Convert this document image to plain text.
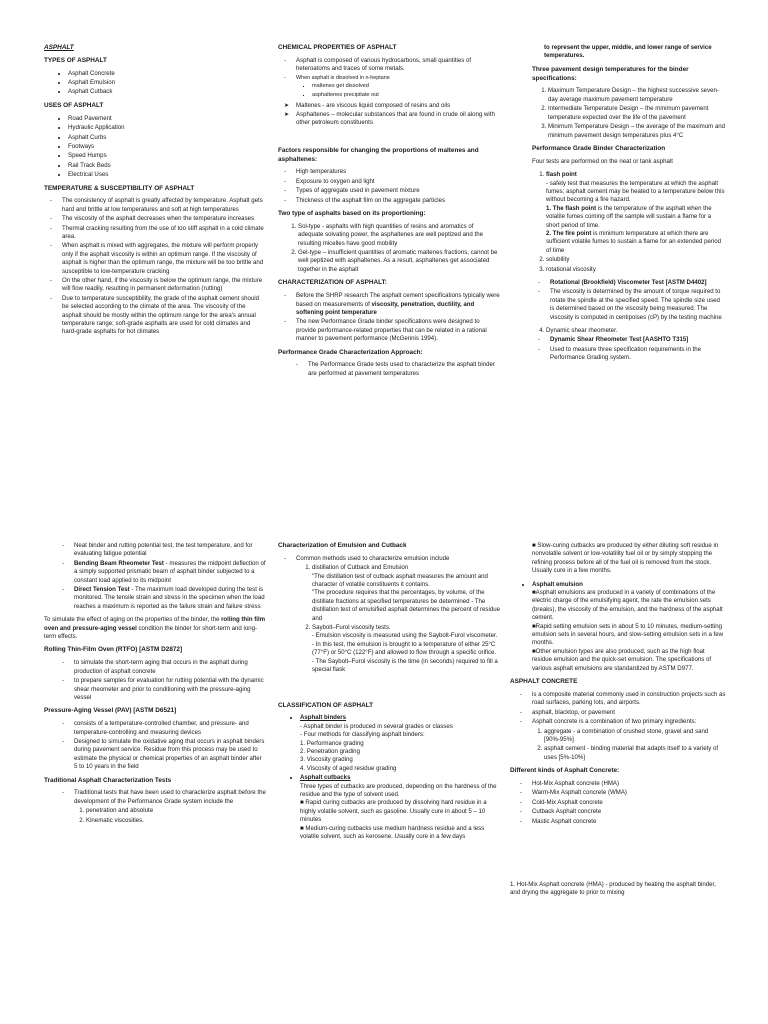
ASPHALT
TYPES OF ASPHALT
• Asphalt Concrete
• Asphalt Emulsion
• Asphalt Cutback
USES OF ASPHALT
• Road Pavement
• Hydraulic Application
• Asphalt Curbs
• Footways
• Speed Humps
• Rail Track Beds
• Electrical Uses
TEMPERATURE & SUSCEPTIBILITY OF ASPHALT
- The consistency of asphalt is greatly affected by temperature. Asphalt gets hard and brittle at low temperatures and soft at high temperatures
- The viscosity of the asphalt decreases when the temperature increases
- Thermal cracking resulting from the use of too stiff asphalt in a cold climate area.
- When asphalt is mixed with aggregates, the mixture will perform properly only if the asphalt viscosity is within an optimum range. If the viscosity of asphalt is higher than the optimum range, the mixture will be too brittle and susceptible to low-temperature cracking
- On the other hand, if the viscosity is below the optimum range, the mixture will flow readily, resulting in permanent deformation (rutting)
- Due to temperature susceptibility, the grade of the asphalt cement should be selected according to the climate of the area. The viscosity of the asphalt should be mostly within the optimum range for the area's annual temperature range; soft-grade asphalts are used for cold climates and hard-grade asphalts for hot climates
CHEMICAL PROPERTIES OF ASPHALT
- Asphalt is composed of various hydrocarbons, small quantities of heteroatoms and traces of some metals.
- When asphalt is dissolved in n-heptane
▪ maltenes get dissolved
▪ asphaltenes precipitate out
➤ Maltenes - are viscous liquid composed of resins and oils
➤ Asphaltenes – molecular substances that are found in crude oil along with other petroleum constituents
Factors responsible for changing the proportions of maltenes and asphaltenes:
- High temperatures
- Exposure to oxygen and light
- Types of aggregate used in pavement mixture
- Thickness of the asphalt film on the aggregate particles
Two type of asphalts based on its proportioning:
1. Sol-type - asphalts with high quantities of resins and aromatics of adequate solvating power, the asphaltenes are well peptized and the resulting micelles have good mobility
2. Gel-type – insufficient quantities of aromatic maltenes fractions, cannot be well peptized with asphaltenes. As a result, asphaltenes get associated together in the asphalt
CHARACTERIZATION OF ASPHALT:
- Before the SHRP research The asphalt cement specifications typically were based on measurements of viscosity, penetration, ductility, and softening point temperature
- The new Performance Grade binder specifications were designed to provide performance-related properties that can be related in a rational manner to pavement performance (McGennis 1994).
Performance Grade Characterization Approach:
- The Performance Grade tests used to characterize the asphalt binder are performed at pavement temperatures

to represent the upper, middle, and lower range of service temperatures.

Three pavement design temperatures for the binder specifications:
1. Maximum Temperature Design – the highest successive seven-day average maximum pavement temperature
2. Intermediate Temperature Design – the minimum pavement temperature expected over the life of the pavement
3. Minimum Temperature Design – the average of the maximum and minimum pavement design temperatures plus 4°C
Performance Grade Binder Characterization

Four tests are performed on the neat or tank asphalt

1. flash point
- safety test that measures the temperature at which the asphalt fumes; asphalt cement may be heated to a temperature below this without becoming a fire hazard.
1. The flash point is the temperature of the asphalt when the volatile fumes coming off the sample will sustain a flame for a short period of time.
2. The fire point is minimum temperature at which there are sufficient volatile fumes to sustain a flame for an extended period of time
2. solubility
3. rotational viscosity
- Rotational (Brookfield) Viscometer Test [ASTM D4402]
- The viscosity is determined by the amount of torque required to rotate the spindle at the specified speed. The spindle size used is determined based on the viscosity being measured. The viscosity is computed in centipoises (cP) by the testing machine
4. Dynamic shear rheometer.
- Dynamic Shear Rheometer Test [AASHTO T315]
- Used to measure three specification requirements in the Performance Grading system.
- Neat binder and rutting potential test, the test temperature, and for evaluating fatigue potential
- Bending Beam Rheometer Test - measures the midpoint deflection of a simply supported prismatic beam of asphalt binder subjected to a constant load applied to its midpoint
- Direct Tension Test - The maximum load developed during the test is monitored. The tensile strain and stress in the specimen when the load reaches a maximum is reported as the failure strain and failure stress

To simulate the effect of aging on the properties of the binder, the rolling thin film oven and pressure-aging vessel condition the binder for short-term and long-term effects.

Rolling Thin-Film Oven (RTFO) [ASTM D2872]
- to simulate the short-term aging that occurs in the asphalt during production of asphalt concrete
- to prepare samples for evaluation for rutting potential with the dynamic shear rheometer and prior to conditioning with the pressure-aging vessel
Pressure-Aging Vessel (PAV) [ASTM D6521]
- consists of a temperature-controlled chamber, and pressure- and temperature-controlling and measuring devices
- Designed to simulate the oxidative aging that occurs in asphalt binders during pavement service. Residue from this process may be used to estimate the physical or chemical properties of an asphalt binder after 5 to 10 years in the field
Traditional Asphalt Characterization Tests
- Traditional tests that have been used to characterize asphalt before the development of the Performance Grade system include the
1. penetration and absolute
2. Kinematic viscosities.
Characterization of Emulsion and Cutback
- Common methods used to characterize emulsion include
1. distillation of Cutback and Emulsion
"The distillation test of cutback asphalt measures the amount and character of volatile constituents it contains.
"The procedure requires that the percentages, by volume, of the distillate fractions at specified temperatures be determined - The distillation test of emulsified asphalt determines the percent of residue and
2. Saybolt–Furol viscosity tests.
- Emulsion viscosity is measured using the Saybolt-Furol viscometer.
- In this test, the emulsion is brought to a temperature of either 25°C (77°F) or 50°C (122°F) and allowed to flow through a specific orifice.
- The Saybolt–Furol viscosity is the time (in seconds) required to fill a special flask
CLASSIFICATION OF ASPHALT
• Asphalt binders
- Asphalt binder is produced in several grades or classes
- Four methods for classifying asphalt binders:
1. Performance grading
2. Penetration grading
3. Viscosity grading
4. Viscosity of aged residue grading
• Asphalt cutbacks
Three types of cutbacks are produced, depending on the hardness of the residue and the type of solvent used.
■ Rapid curing cutbacks are produced by dissolving hard residue in a highly volatile solvent, such as gasoline. Usually cure in about 5 – 10 minutes
■ Medium-curing cutbacks use medium hardness residue and a less volatile solvent, such as kerosene. Usually cure in a few days

■ Slow-curing cutbacks are produced by either diluting soft residue in nonvolatile solvent or low-volatility fuel oil or by simply stopping the refining process before all of the fuel oil is removed from the stock. Usually cure in a few months.

• Asphalt emulsion
■Asphalt emulsions are produced in a variety of combinations of the electric charge of the emulsifying agent, the rate the emulsion sets (breaks), the viscosity of the emulsion, and the hardness of the asphalt cement.
■Rapid setting emulsion sets in about 5 to 10 minutes, medium-setting emulsion sets in several hours, and slow-setting emulsion sets in a few months.
■Other emulsion types are also produced, such as the high float residue emulsion and the quick-set emulsion. The specifications of various asphalt emulsions are standardized by ASTM D977.
ASPHALT CONCRETE
- is a composite material commonly used in construction projects such as road surfaces, parking lots, and airports.
- asphalt, blacktop, or pavement
- Asphalt concrete is a combination of two primary ingredients:
1. aggregate - a combination of crushed stone, gravel and sand [90%-95%]
2. asphalt cement - binding material that adapts itself to a variety of uses [5%-10%]
Different kinds of Asphalt Concrete:
- Hot-Mix Asphalt concrete (HMA)
- Warm-Mix Asphalt concrete (WMA)
- Cold-Mix Asphalt concrete
- Cutback Asphalt concrete
- Mastic Asphalt concrete

1. Hot-Mix Asphalt concrete (HMA) - produced by heating the asphalt binder, and drying the aggregate to prior to mixing
